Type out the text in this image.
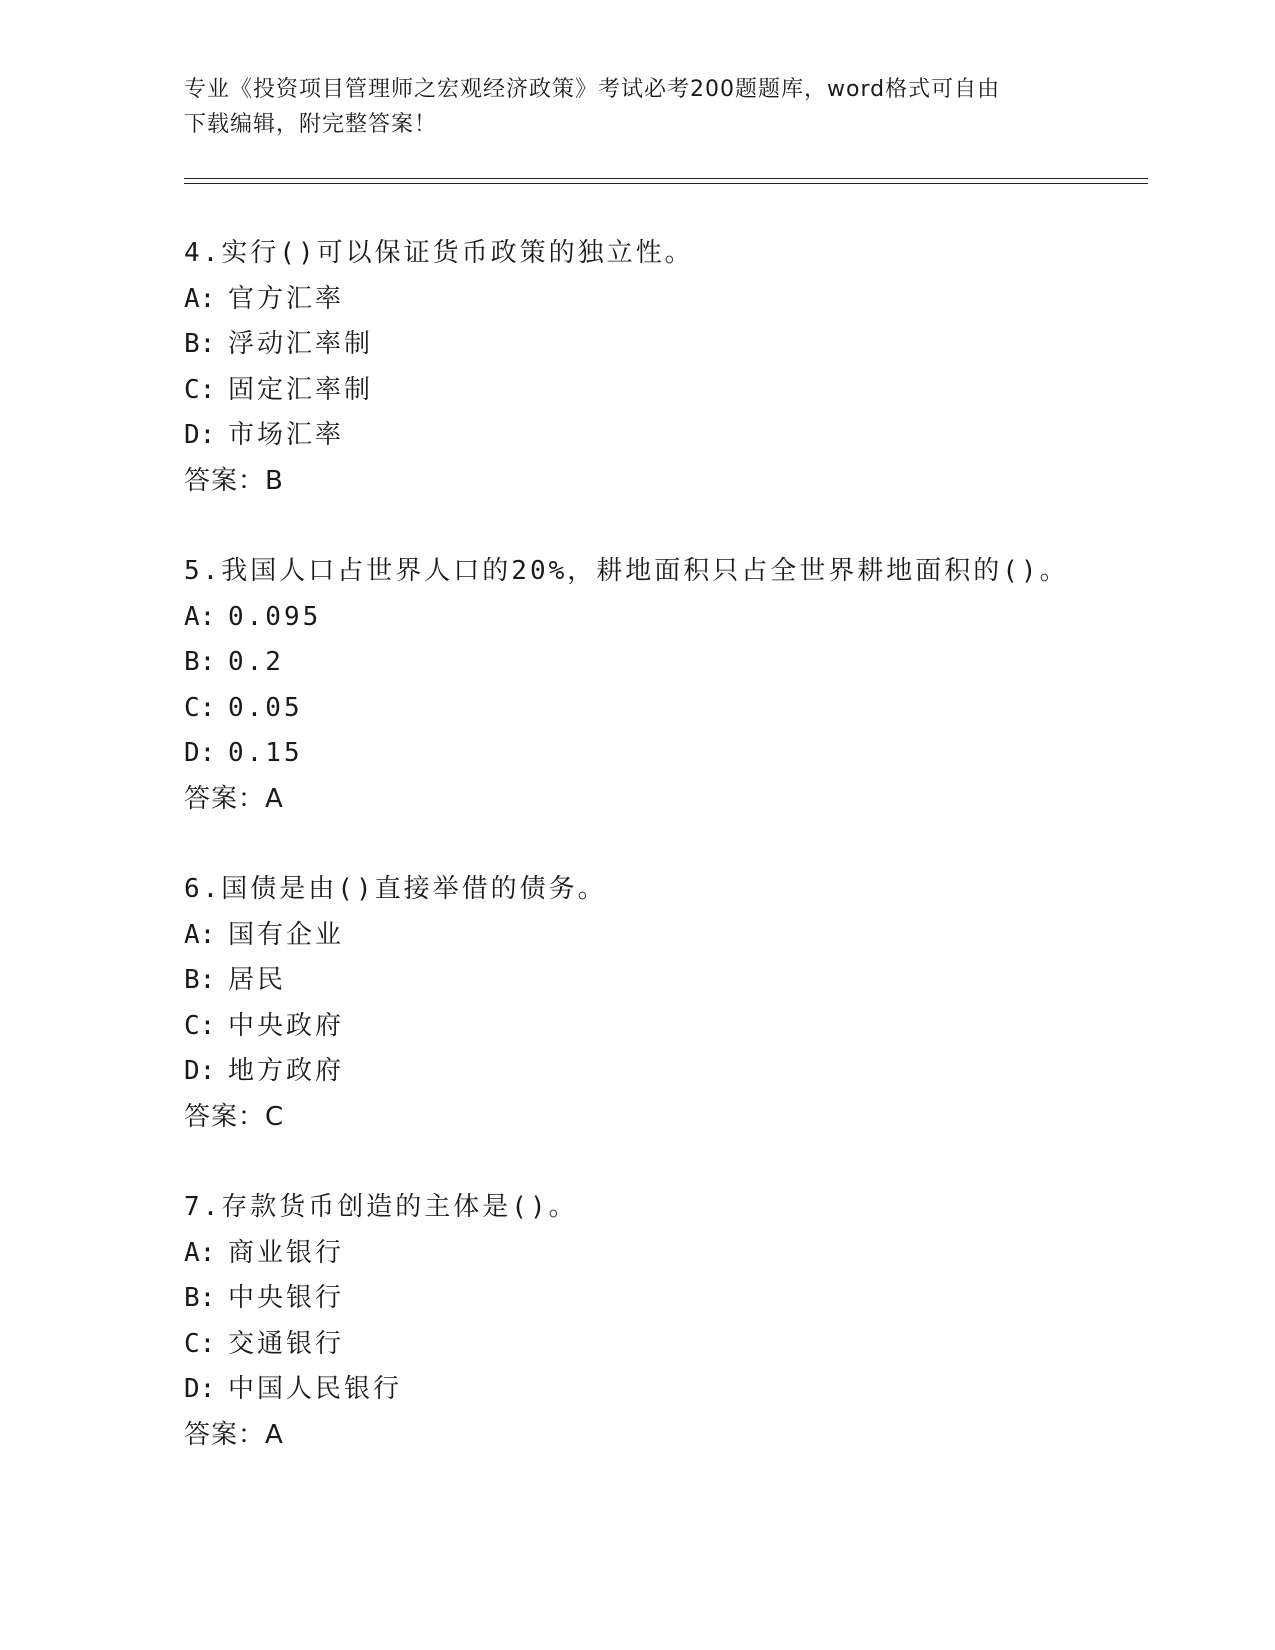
专业《投资项目管理师之宏观经济政策》考试必考200题题库，word格式可自由
下载编辑，附完整答案！
4.实行()可以保证货币政策的独立性。
A: 官方汇率
B: 浮动汇率制
C: 固定汇率制
D: 市场汇率
答案：B
5.我国人口占世界人口的20%，耕地面积只占全世界耕地面积的()。
A: 0.095
B: 0.2
C: 0.05
D: 0.15
答案：A
6.国债是由()直接举借的债务。
A: 国有企业
B: 居民
C: 中央政府
D: 地方政府
答案：C
7.存款货币创造的主体是()。
A: 商业银行
B: 中央银行
C: 交通银行
D: 中国人民银行
答案：A
